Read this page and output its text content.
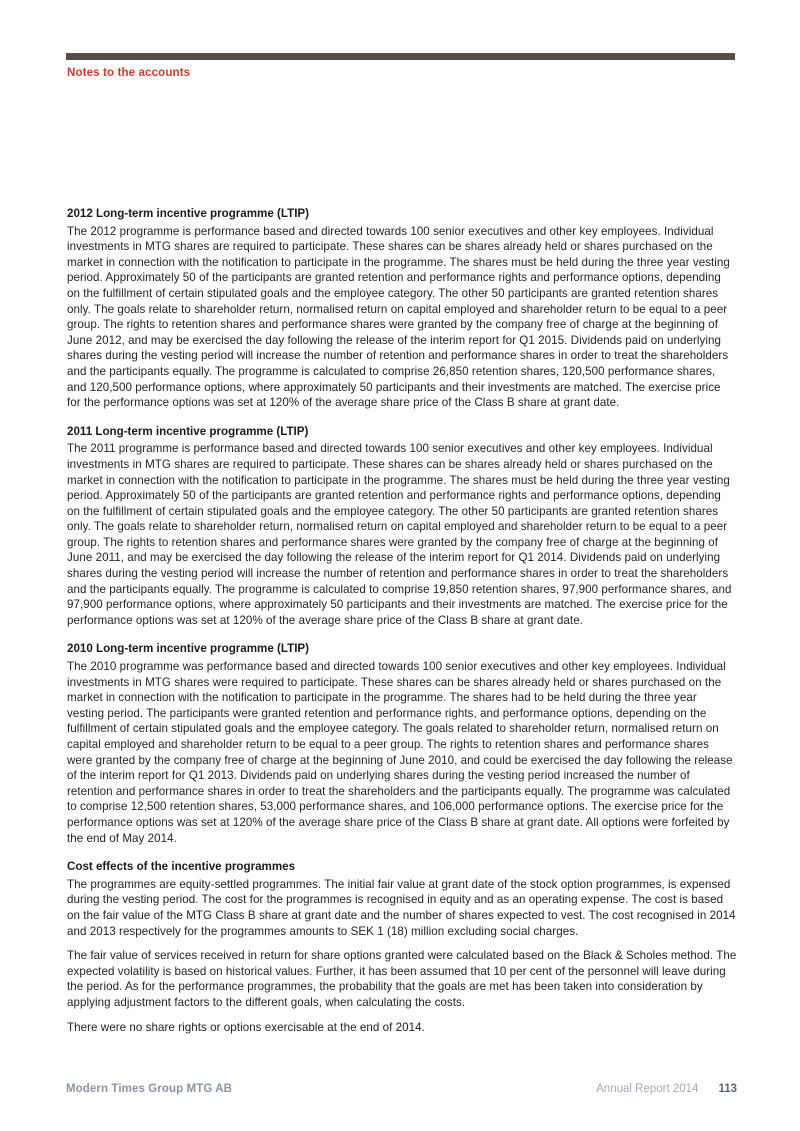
Notes to the accounts
2012 Long-term incentive programme (LTIP)

The 2012 programme is performance based and directed towards 100 senior executives and other key employees. Individual investments in MTG shares are required to participate. These shares can be shares already held or shares purchased on the market in connection with the notification to participate in the programme. The shares must be held during the three year vesting period. Approximately 50 of the participants are granted retention and performance rights and performance options, depending on the fulfillment of certain stipulated goals and the employee category. The other 50 participants are granted retention shares only. The goals relate to shareholder return, normalised return on capital employed and shareholder return to be equal to a peer group. The rights to retention shares and performance shares were granted by the company free of charge at the beginning of June 2012, and may be exercised the day following the release of the interim report for Q1 2015. Dividends paid on underlying shares during the vesting period will increase the number of retention and performance shares in order to treat the shareholders and the participants equally. The programme is calculated to comprise 26,850 retention shares, 120,500 performance shares, and 120,500 performance options, where approximately 50 participants and their investments are matched. The exercise price for the performance options was set at 120% of the average share price of the Class B share at grant date.

2011 Long-term incentive programme (LTIP)

The 2011 programme is performance based and directed towards 100 senior executives and other key employees. Individual investments in MTG shares are required to participate. These shares can be shares already held or shares purchased on the market in connection with the notification to participate in the programme. The shares must be held during the three year vesting period. Approximately 50 of the participants are granted retention and performance rights and performance options, depending on the fulfillment of certain stipulated goals and the employee category. The other 50 participants are granted retention shares only. The goals relate to shareholder return, normalised return on capital employed and shareholder return to be equal to a peer group. The rights to retention shares and performance shares were granted by the company free of charge at the beginning of June 2011, and may be exercised the day following the release of the interim report for Q1 2014. Dividends paid on underlying shares during the vesting period will increase the number of retention and performance shares in order to treat the shareholders and the participants equally. The programme is calculated to comprise 19,850 retention shares, 97,900 performance shares, and 97,900 performance options, where approximately 50 participants and their investments are matched. The exercise price for the performance options was set at 120% of the average share price of the Class B share at grant date.

2010 Long-term incentive programme (LTIP)

The 2010 programme was performance based and directed towards 100 senior executives and other key employees. Individual investments in MTG shares were required to participate. These shares can be shares already held or shares purchased on the market in connection with the notification to participate in the programme. The shares had to be held during the three year vesting period. The participants were granted retention and performance rights, and performance options, depending on the fulfillment of certain stipulated goals and the employee category. The goals related to shareholder return, normalised return on capital employed and shareholder return to be equal to a peer group. The rights to retention shares and performance shares were granted by the company free of charge at the beginning of June 2010, and could be exercised the day following the release of the interim report for Q1 2013. Dividends paid on underlying shares during the vesting period increased the number of retention and performance shares in order to treat the shareholders and the participants equally. The programme was calculated to comprise 12,500 retention shares, 53,000 performance shares, and 106,000 performance options. The exercise price for the performance options was set at 120% of the average share price of the Class B share at grant date. All options were forfeited by the end of May 2014.

Cost effects of the incentive programmes

The programmes are equity-settled programmes. The initial fair value at grant date of the stock option programmes, is expensed during the vesting period. The cost for the programmes is recognised in equity and as an operating expense. The cost is based on the fair value of the MTG Class B share at grant date and the number of shares expected to vest. The cost recognised in 2014 and 2013 respectively for the programmes amounts to SEK 1 (18) million excluding social charges.

The fair value of services received in return for share options granted were calculated based on the Black & Scholes method. The expected volatility is based on historical values. Further, it has been assumed that 10 per cent of the personnel will leave during the period. As for the performance programmes, the probability that the goals are met has been taken into consideration by applying adjustment factors to the different goals, when calculating the costs.

There were no share rights or options exercisable at the end of 2014.

Modern Times Group MTG AB	Annual Report 2014 113
